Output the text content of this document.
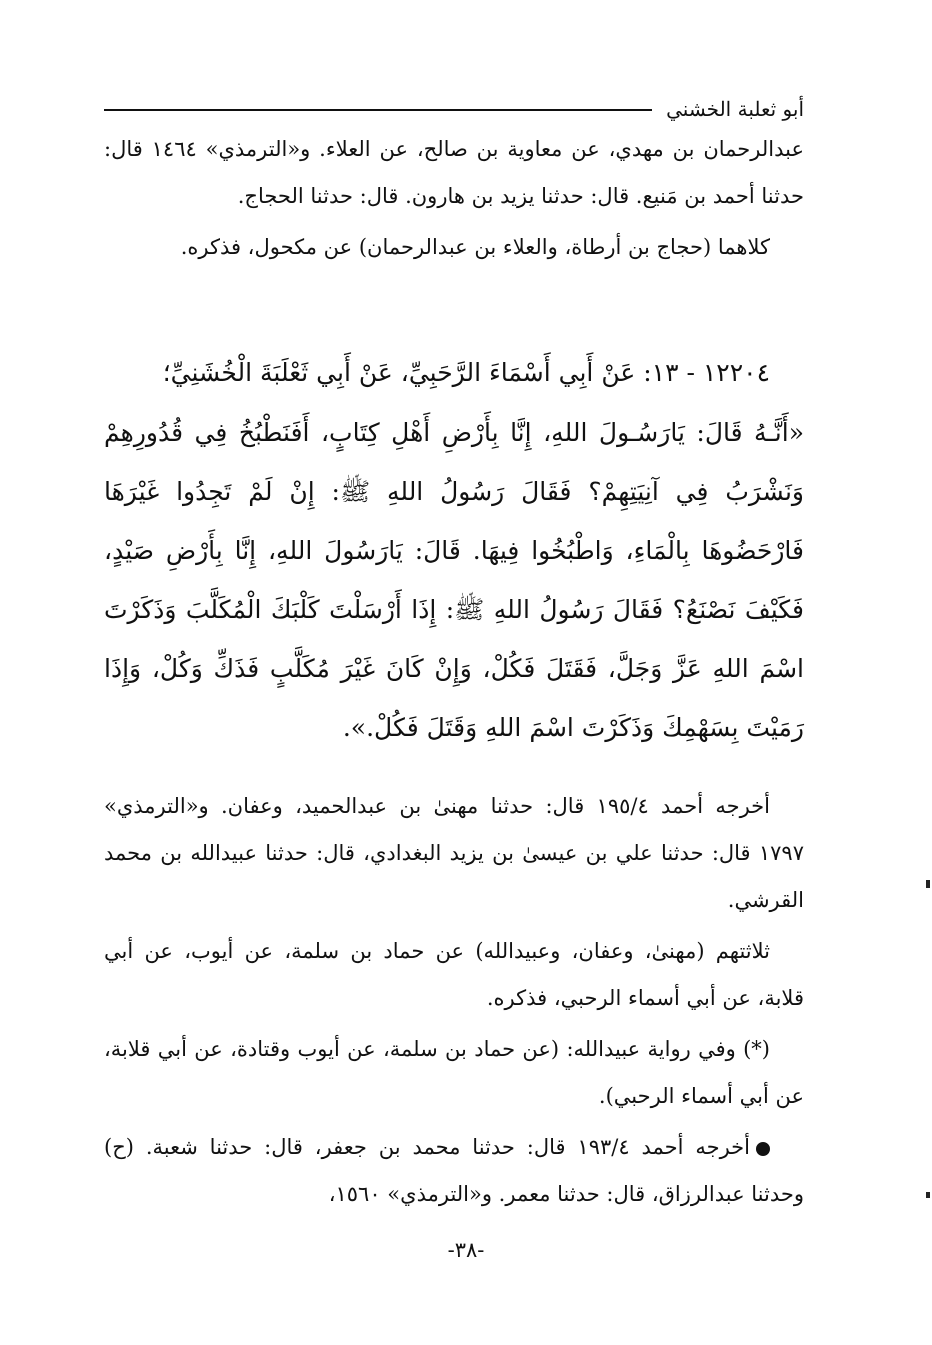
أبو ثعلبة الخشني

عبدالرحمان بن مهدي، عن معاوية بن صالح، عن العلاء. و«الترمذي» ١٤٦٤ قال: حدثنا أحمد بن مَنيع. قال: حدثنا يزيد بن هارون. قال: حدثنا الحجاج.

كلاهما (حجاج بن أرطاة، والعلاء بن عبدالرحمان) عن مكحول، فذكره.

١٢٢٠٤ - ١٣: عَنْ أَبِي أَسْمَاءَ الرَّحَبِيِّ، عَنْ أَبِي ثَعْلَبَةَ الْخُشَنِيِّ؛

«أَنَّـهُ قَالَ: يَارَسُـولَ اللهِ، إِنَّا بِأَرْضِ أَهْلِ كِتَابٍ، أَفَنَطْبُخُ فِي قُدُورِهِمْ وَنَشْرَبُ فِي آنِيَتِهِمْ؟ فَقَالَ رَسُولُ اللهِ ﷺ: إِنْ لَمْ تَجِدُوا غَيْرَهَا فَارْحَضُوهَا بِالْمَاءِ، وَاطْبُخُوا فِيهَا. قَالَ: يَارَسُولَ اللهِ، إِنَّا بِأَرْضِ صَيْدٍ، فَكَيْفَ نَصْنَعُ؟ فَقَالَ رَسُولُ اللهِ ﷺ: إِذَا أَرْسَلْتَ كَلْبَكَ الْمُكَلَّبَ وَذَكَرْتَ اسْمَ اللهِ عَزَّ وَجَلَّ، فَقَتَلَ فَكُلْ، وَإِنْ كَانَ غَيْرَ مُكَلَّبٍ فَذَكِّ وَكُلْ، وَإِذَا رَمَيْتَ بِسَهْمِكَ وَذَكَرْتَ اسْمَ اللهِ وَقَتَلَ فَكُلْ.».

أخرجه أحمد ١٩٥/٤ قال: حدثنا مهنىٰ بن عبدالحميد، وعفان. و«الترمذي» ١٧٩٧ قال: حدثنا علي بن عيسىٰ بن يزيد البغدادي، قال: حدثنا عبيدالله بن محمد القرشي.

ثلاثتهم (مهنىٰ، وعفان، وعبيدالله) عن حماد بن سلمة، عن أيوب، عن أبي قلابة، عن أبي أسماء الرحبي، فذكره.

(*) وفي رواية عبيدالله: (عن حماد بن سلمة، عن أيوب وقتادة، عن أبي قلابة، عن أبي أسماء الرحبي).

أخرجه أحمد ١٩٣/٤ قال: حدثنا محمد بن جعفر، قال: حدثنا شعبة. (ح) وحدثنا عبدالرزاق، قال: حدثنا معمر. و«الترمذي» ١٥٦٠،

-٣٨-
